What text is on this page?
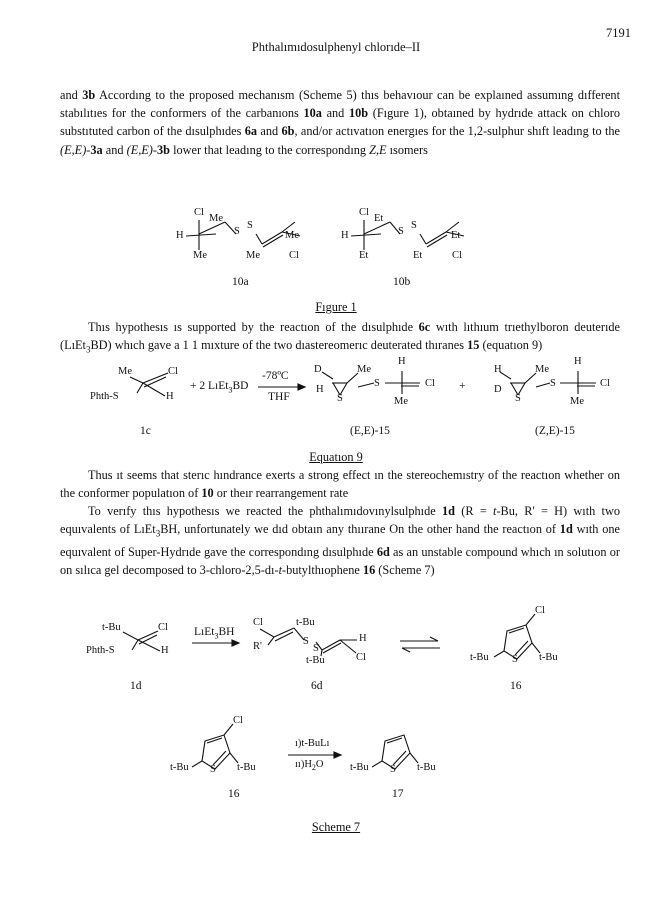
7191
Phthalımıdosulphenyl chlorıde–II
and 3b Accordıng to the proposed mechanısm (Scheme 5) thıs behavıour can be explaıned assumıng dıfferent stabılıtıes for the conformers of the carbanıons 10a and 10b (Fıgure 1), obtaıned by hydrıde attack on chloro substıtuted carbon of the dısulphıdes 6a and 6b, and/or actıvatıon energıes for the 1,2-sulphur shıft leadıng to the (E,E)-3a and (E,E)-3b lower that leadıng to the correspondıng Z,E ısomers
Cl
Me
H
Me
S
S
Me
Me	Cl
10a
Cl
Et
H
Et
S
S
Et
Et	Cl
10b
Fıgure 1
Thıs hypothesıs ıs supported by the reactıon of the dısulphıde 6c wıth lıthıum trıethylboron deuterıde (LıEt$_3$BD) whıch gave a 1 1 mıxture of the two dıastereomerıc deuterated thıranes 15 (equatıon 9)
Me	Cl
Phth-S	H
1c
+ 2 LıEt$_3$BD
-78ºC
THF
D	Me
H
H
S
S	Cl
Me
(E,E)-15
+
H	Me
D
H
S
S	Cl
Me
(Z,E)-15
Equatıon 9
Thus ıt seems that sterıc hındrance exerts a strong effect ın the stereochemıstry of the reactıon whether on the conformer populatıon of 10 or theır rearrangement rate
To verıfy thıs hypothesıs we reacted the phthalımıdovınylsulphıde 1d (R = t-Bu, R' = H) wıth two equıvalents of LıEt$_3$BH, unfortunately we dıd obtaın any thıırane On the other hand the reactıon of 1d wıth one equıvalent of Super-Hydrıde gave the correspondıng dısulphıde 6d as an unstable compound whıch ın solutıon or on sılıca gel decomposed to 3-chloro-2,5-dı-t-butylthıophene 16 (Scheme 7)
t-Bu	Cl
Phth-S	H
1d
LıEt$_3$BH
Cl	t-Bu
R'	S
S
H
t-Bu	Cl
6d
Cl
t-Bu S t-Bu
16
Cl
t-Bu S t-Bu
16
ı)t-BuLı
$ıı)H_2O$	t-Bu S t-Bu
17
Scheme 7
